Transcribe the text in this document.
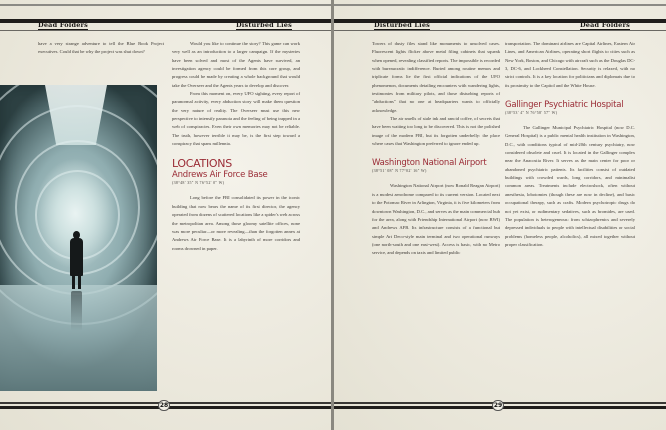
Dead Folders	Disturbed Lies

have a very strange adventure to tell the Blue Book Project executives. Could that be why the project was shut down?

Would you like to continue the story? This game can work very well as an introduction to a larger campaign. If the mysteries have been solved and most of the Agents have survived, an investigation agency could be formed from this core group, and progress could be made by creating a whole background that would take the Overseer and the Agents years to develop and discover.

From this moment on, every UFO sighting, every report of paranormal activity, every abduction story will make them question the very nature of reality. The Overseer must use this new perspective to intensify paranoia and the feeling of being trapped in a web of conspiracies. Even their own memories may not be reliable. The truth, however terrible it may be, is the first step toward a conspiracy that spans millennia.

LOCATIONS
Andrews Air Force Base
(38°48′ 35″ N 76°52′ 0″ W)

Long before the FBI consolidated its power in the iconic building that now bears the name of its first director, the agency operated from dozens of scattered locations like a spider's web across the metropolitan area. Among those gloomy satellite offices, none was more peculiar—or more revealing—than the forgotten annex at Andrews Air Force Base. It is a labyrinth of more corridors and rooms drowned in paper.

28
Disturbed Lies	Dead Folders

Towers of dusty files stand like monuments to unsolved cases. Fluorescent lights flicker above metal filing cabinets that squeak when opened, revealing classified reports. The impossible is recorded with bureaucratic indifference. Buried among routine memos and triplicate forms lie the first official indications of the UFO phenomenon, documents detailing encounters with wandering lights, testimonies from military pilots, and those disturbing reports of "abductions" that no one at headquarters wants to officially acknowledge.

The air smells of stale ink and rancid coffee, of secrets that have been waiting too long to be discovered. This is not the polished image of the modern FBI, but its forgotten underbelly: the place where cases that Washington preferred to ignore ended up.

Washington National Airport
(38°51′ 08″ N 77°02′ 16″ W)

Washington National Airport (now Ronald Reagan Airport) is a modest aerodrome compared to its current version. Located next to the Potomac River in Arlington, Virginia, it is five kilometers from downtown Washington, D.C., and serves as the main commercial hub for the area, along with Friendship International Airport (now BWI) and Andrews AFB. Its infrastructure consists of a functional but simple Art Deco-style main terminal and two operational runways (one north-south and one east-west). Access is basic, with no Metro service, and depends on taxis and limited public

transportation. The dominant airlines are Capital Airlines, Eastern Air Lines, and American Airlines, operating short flights to cities such as New York, Boston, and Chicago with aircraft such as the Douglas DC-3, DC-6, and Lockheed Constellation. Security is relaxed, with no strict controls. It is a key location for politicians and diplomats due to its proximity to the Capitol and the White House.

Gallinger Psychiatric Hospital
(38°53′ 4″ N 76°58′ 57″ W)

The Gallinger Municipal Psychiatric Hospital (now D.C. General Hospital) is a public mental health institution in Washington, D.C., with conditions typical of mid-20th century psychiatry, now considered obsolete and cruel. It is located in the Gallinger complex near the Anacostia River. It serves as the main center for poor or abandoned psychiatric patients. Its facilities consist of outdated buildings with crowded wards, long corridors, and minimalist common areas. Treatments include electroshock, often without anesthesia, lobotomies (though these are now in decline), and basic occupational therapy, such as crafts. Modern psychotropic drugs do not yet exist, or rudimentary sedatives, such as bromides, are used. The population is heterogeneous: from schizophrenics and severely depressed individuals to people with intellectual disabilities or social problems (homeless people, alcoholics), all mixed together without proper classification.

29
